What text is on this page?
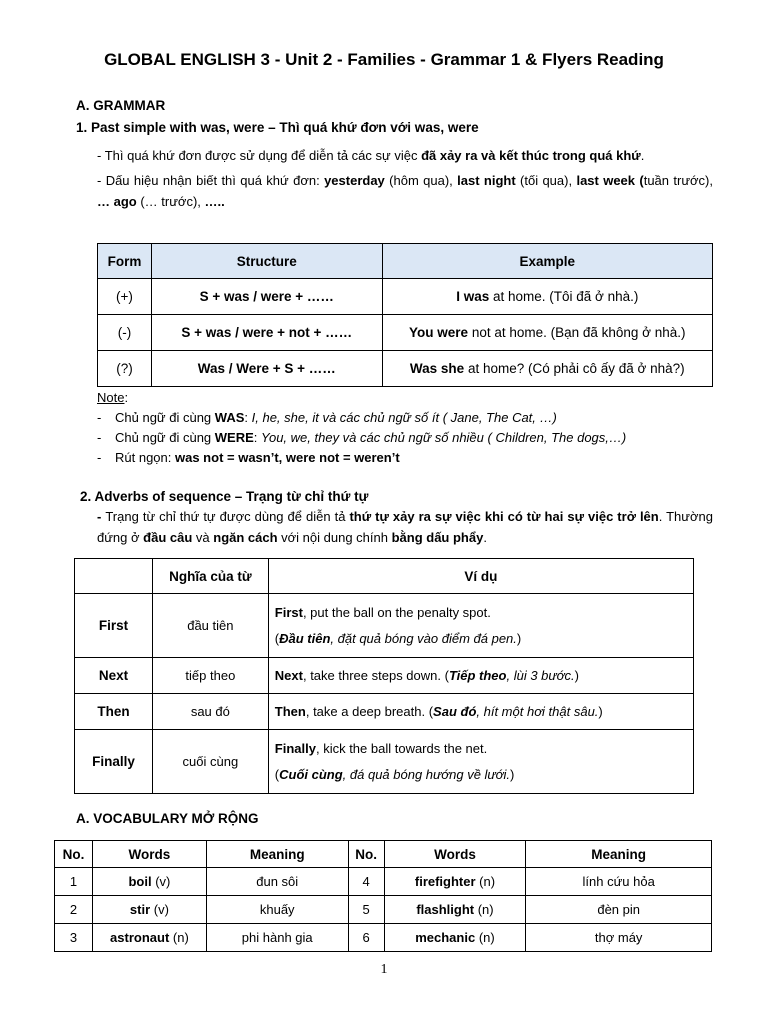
GLOBAL ENGLISH 3 - Unit 2 - Families - Grammar 1 & Flyers Reading
A. GRAMMAR
1. Past simple with was, were – Thì quá khứ đơn với was, were

- Thì quá khứ đơn được sử dụng để diễn tả các sự việc đã xảy ra và kết thúc trong quá khứ.

- Dấu hiệu nhận biết thì quá khứ đơn: yesterday (hôm qua), last night (tối qua), last week (tuần trước), … ago (… trước), …..

Form	Structure	Example
(+)	S + was / were + ……	I was at home. (Tôi đã ở nhà.)
(-)	S + was / were + not + ……	You were not at home. (Bạn đã không ở nhà.)
(?)	Was / Were + S + ……	Was she at home? (Có phải cô ấy đã ở nhà?)
Note:
- Chủ ngữ đi cùng WAS: I, he, she, it và các chủ ngữ số ít ( Jane, The Cat, …)
- Chủ ngữ đi cùng WERE: You, we, they và các chủ ngữ số nhiều ( Children, The dogs,…)
- Rút ngọn: was not = wasn’t, were not = weren’t
2. Adverbs of sequence – Trạng từ chỉ thứ tự

- Trạng từ chỉ thứ tự được dùng để diễn tả thứ tự xảy ra sự việc khi có từ hai sự việc trở lên. Thường đứng ở đầu câu và ngăn cách với nội dung chính bằng dấu phẩy.

	Nghĩa của từ	Ví dụ
First	đầu tiên	First, put the ball on the penalty spot.
(Đầu tiên, đặt quả bóng vào điểm đá pen.)

Next	tiếp theo	Next, take three steps down. (Tiếp theo, lùi 3 bước.)
Then	sau đó	Then, take a deep breath. (Sau đó, hít một hơi thật sâu.)
Finally	cuối cùng	Finally, kick the ball towards the net.
(Cuối cùng, đá quả bóng hướng về lưới.)
A. VOCABULARY MỞ RỘNG
No.	Words	Meaning	No.	Words	Meaning
1	boil (v)	đun sôi	4	firefighter (n)	lính cứu hỏa
2	stir (v)	khuấy	5	flashlight (n)	đèn pin
3	astronaut (n)	phi hành gia	6	mechanic (n)	thợ máy
1
